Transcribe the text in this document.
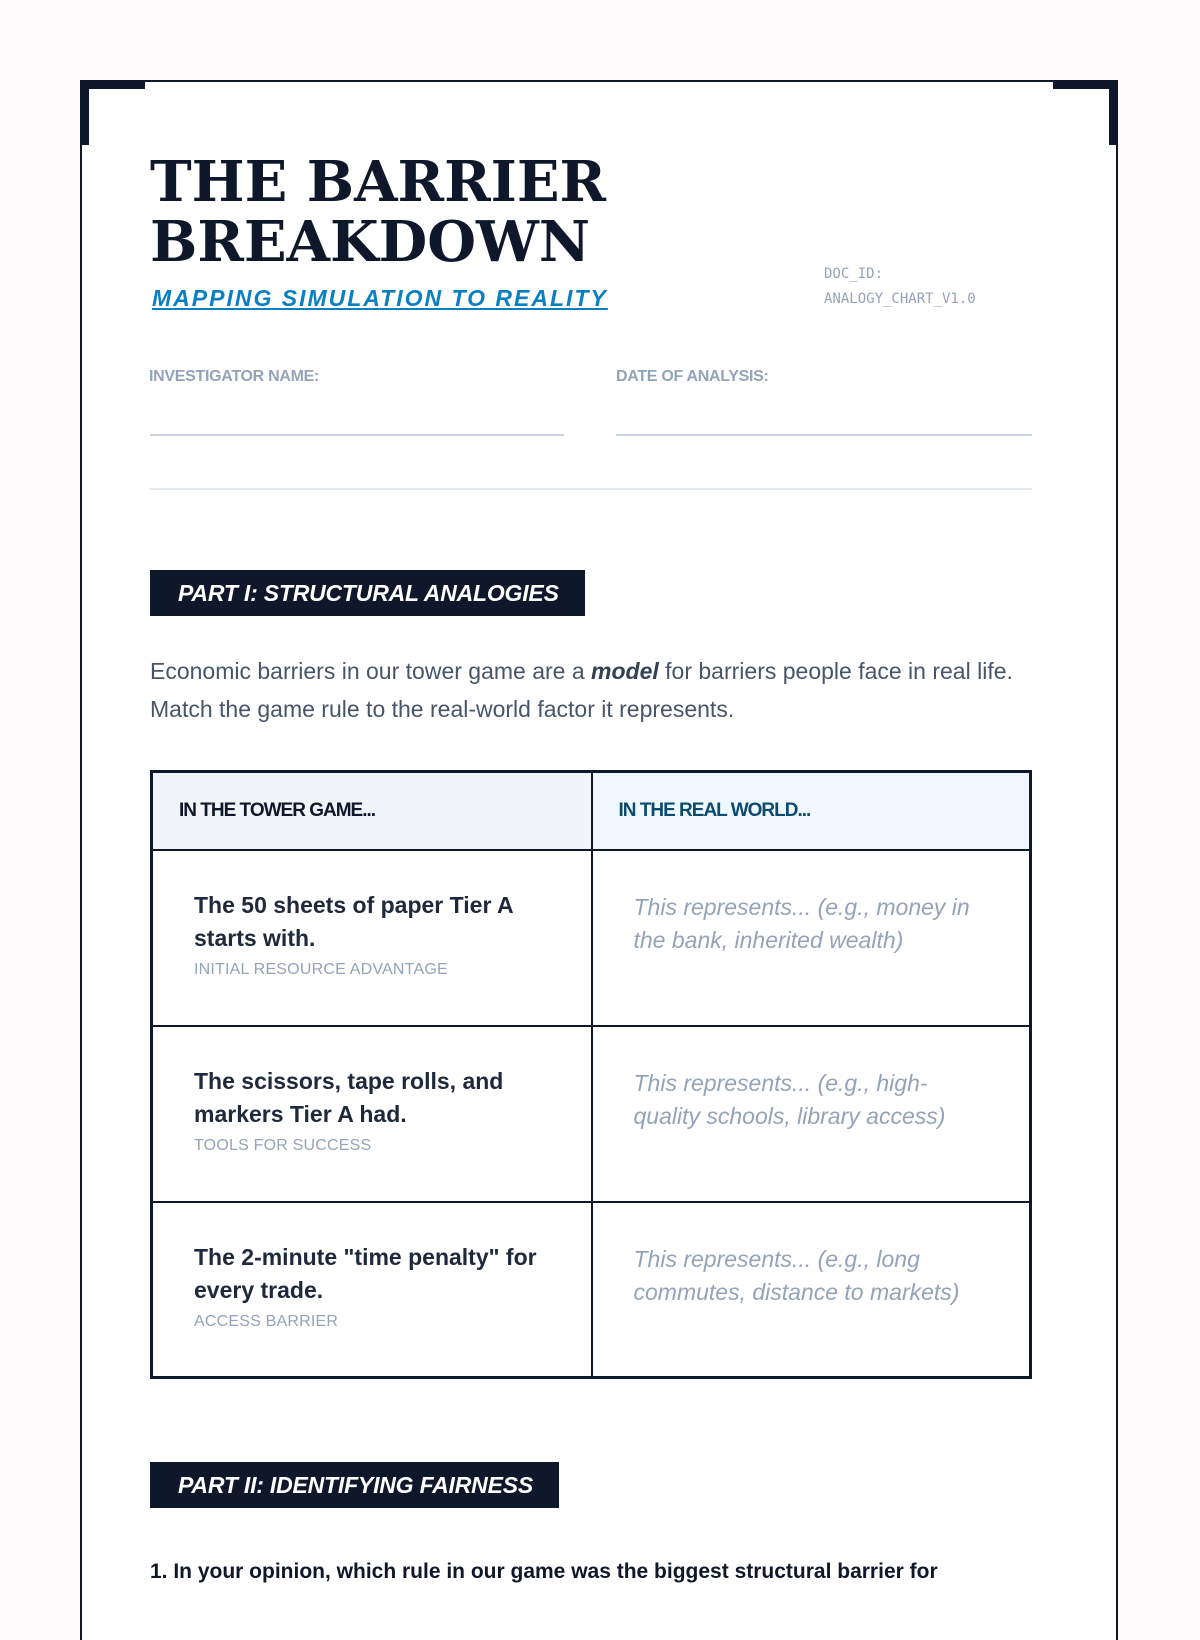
THE BARRIER
BREAKDOWN

MAPPING SIMULATION TO REALITY

DOC_ID:
ANALOGY_CHART_V1.0
INVESTIGATOR NAME:	DATE OF ANALYSIS:
PART I: STRUCTURAL ANALOGIES

Economic barriers in our tower game are a model for barriers people face in real life. Match the game rule to the real-world factor it represents.

IN THE TOWER GAME...	IN THE REAL WORLD...

The 50 sheets of paper Tier A starts with.
INITIAL RESOURCE ADVANTAGE	This represents... (e.g., money in the bank, inherited wealth)

The scissors, tape rolls, and markers Tier A had.
TOOLS FOR SUCCESS	This represents... (e.g., high-quality schools, library access)

The 2-minute "time penalty" for every trade.
ACCESS BARRIER	This represents... (e.g., long commutes, distance to markets)
PART II: IDENTIFYING FAIRNESS

1. In your opinion, which rule in our game was the biggest structural barrier for
